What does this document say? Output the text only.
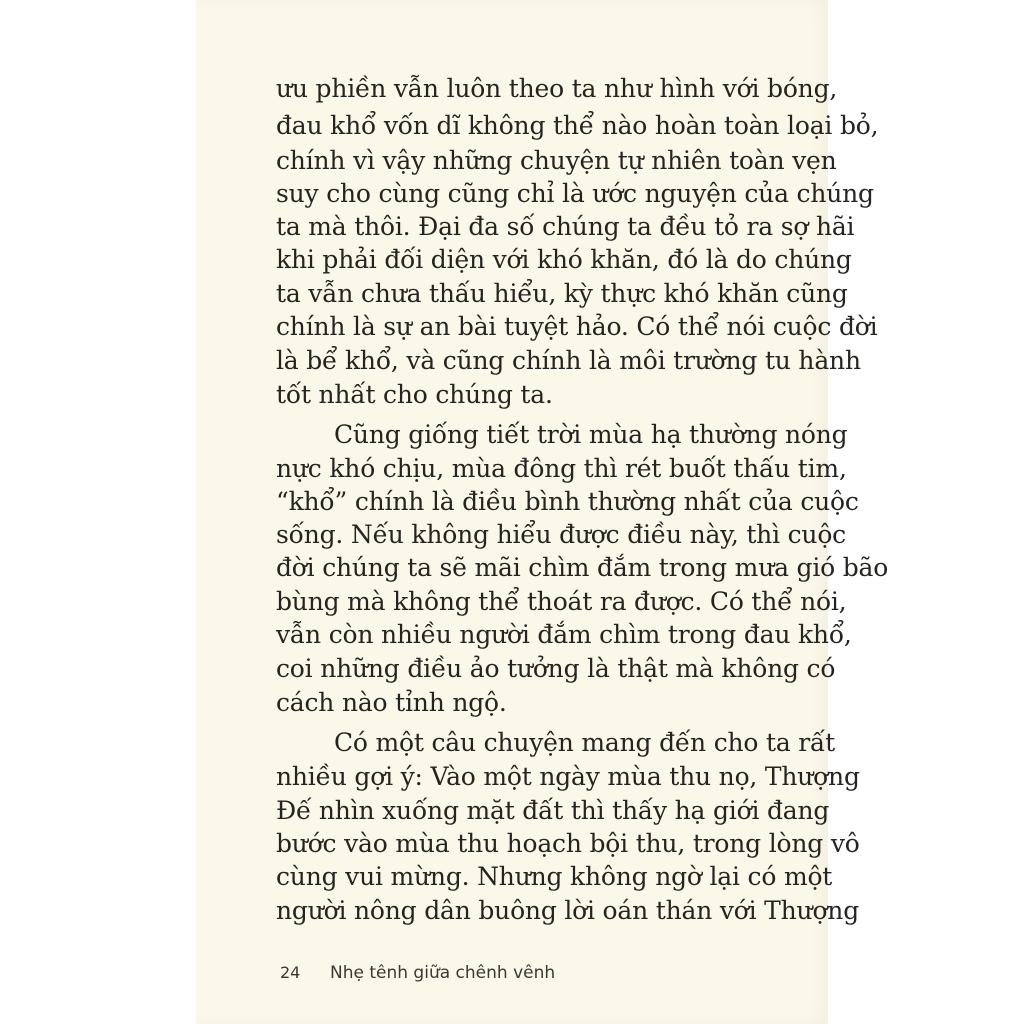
ưu phiền vẫn luôn theo ta như hình với bóng,
đau khổ vốn dĩ không thể nào hoàn toàn loại bỏ,
chính vì vậy những chuyện tự nhiên toàn vẹn
suy cho cùng cũng chỉ là ước nguyện của chúng
ta mà thôi. Đại đa số chúng ta đều tỏ ra sợ hãi
khi phải đối diện với khó khăn, đó là do chúng
ta vẫn chưa thấu hiểu, kỳ thực khó khăn cũng
chính là sự an bài tuyệt hảo. Có thể nói cuộc đời
là bể khổ, và cũng chính là môi trường tu hành
tốt nhất cho chúng ta.
Cũng giống tiết trời mùa hạ thường nóng
nực khó chịu, mùa đông thì rét buốt thấu tim,
“khổ” chính là điều bình thường nhất của cuộc
sống. Nếu không hiểu được điều này, thì cuộc
đời chúng ta sẽ mãi chìm đắm trong mưa gió bão
bùng mà không thể thoát ra được. Có thể nói,
vẫn còn nhiều người đắm chìm trong đau khổ,
coi những điều ảo tưởng là thật mà không có
cách nào tỉnh ngộ.
Có một câu chuyện mang đến cho ta rất
nhiều gợi ý: Vào một ngày mùa thu nọ, Thượng
Đế nhìn xuống mặt đất thì thấy hạ giới đang
bước vào mùa thu hoạch bội thu, trong lòng vô
cùng vui mừng. Nhưng không ngờ lại có một
người nông dân buông lời oán thán với Thượng
24 Nhẹ tênh giữa chênh vênh
